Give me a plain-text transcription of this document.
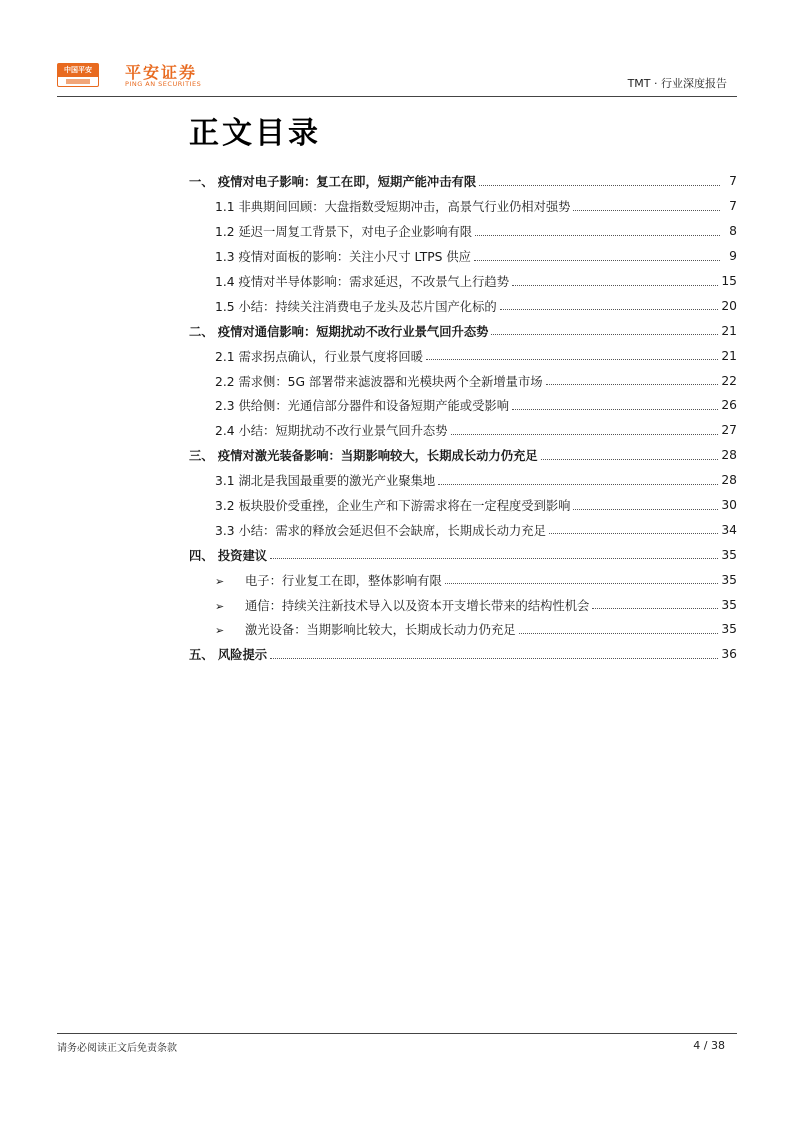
中国平安	平安证券
PING AN SECURITIES	TMT · 行业深度报告
正文目录
一、 疫情对电子影响：复工在即，短期产能冲击有限	7
1.1 非典期间回顾：大盘指数受短期冲击，高景气行业仍相对强势	7
1.2 延迟一周复工背景下，对电子企业影响有限	8
1.3 疫情对面板的影响：关注小尺寸 LTPS 供应	9
1.4 疫情对半导体影响：需求延迟，不改景气上行趋势	15
1.5 小结：持续关注消费电子龙头及芯片国产化标的	20
二、 疫情对通信影响：短期扰动不改行业景气回升态势	21
2.1 需求拐点确认，行业景气度将回暖	21
2.2 需求侧：5G 部署带来滤波器和光模块两个全新增量市场	22
2.3 供给侧：光通信部分器件和设备短期产能或受影响	26
2.4 小结：短期扰动不改行业景气回升态势	27
三、 疫情对激光装备影响：当期影响较大，长期成长动力仍充足	28
3.1 湖北是我国最重要的激光产业聚集地	28
3.2 板块股价受重挫，企业生产和下游需求将在一定程度受到影响	30
3.3 小结：需求的释放会延迟但不会缺席，长期成长动力充足	34
四、 投资建议	35
➢ 电子：行业复工在即，整体影响有限	35
➢ 通信：持续关注新技术导入以及资本开支增长带来的结构性机会	35
➢ 激光设备：当期影响比较大，长期成长动力仍充足	35
五、 风险提示	36
请务必阅读正文后免责条款	4 / 38
